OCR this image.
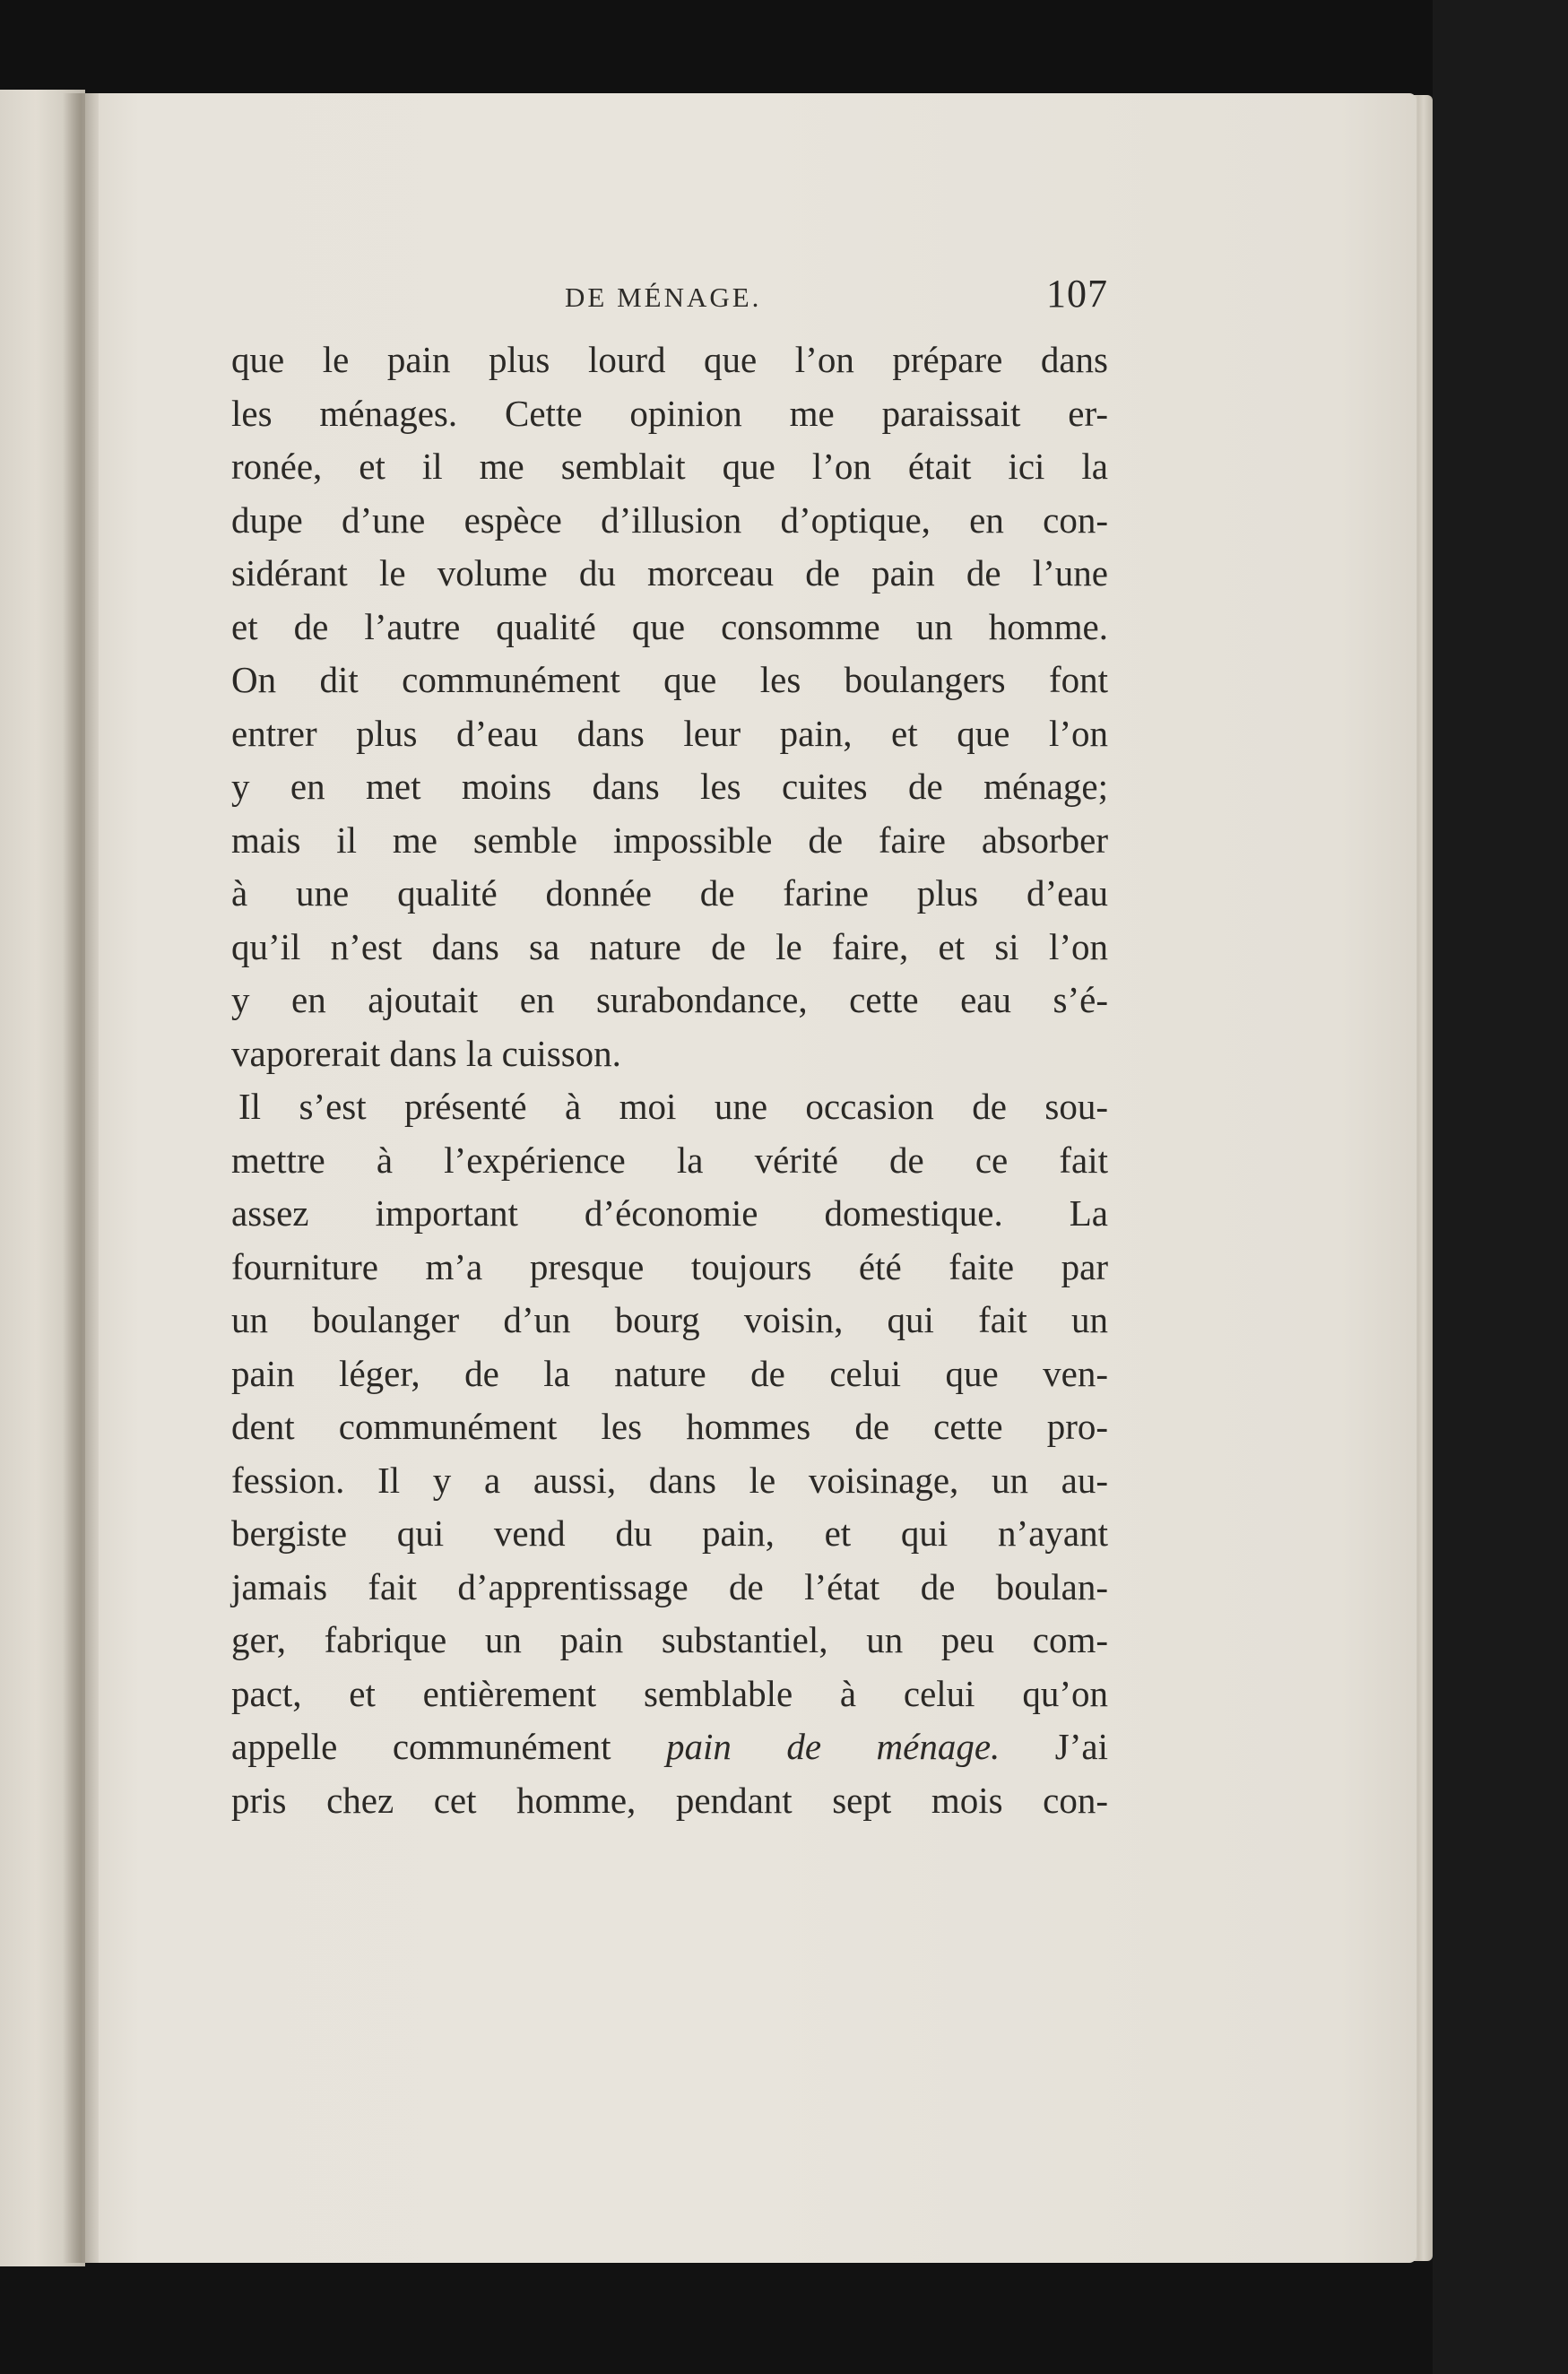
DE MÉNAGE.	107
que le pain plus lourd que l’on prépare dans
les ménages. Cette opinion me paraissait er-
ronée, et il me semblait que l’on était ici la
dupe d’une espèce d’illusion d’optique, en con-
sidérant le volume du morceau de pain de l’une
et de l’autre qualité que consomme un homme.
On dit communément que les boulangers font
entrer plus d’eau dans leur pain, et que l’on
y en met moins dans les cuites de ménage;
mais il me semble impossible de faire absorber
à une qualité donnée de farine plus d’eau
qu’il n’est dans sa nature de le faire, et si l’on
y en ajoutait en surabondance, cette eau s’é-
vaporerait dans la cuisson.
Il s’est présenté à moi une occasion de sou-
mettre à l’expérience la vérité de ce fait
assez important d’économie domestique. La
fourniture m’a presque toujours été faite par
un boulanger d’un bourg voisin, qui fait un
pain léger, de la nature de celui que ven-
dent communément les hommes de cette pro-
fession. Il y a aussi, dans le voisinage, un au-
bergiste qui vend du pain, et qui n’ayant
jamais fait d’apprentissage de l’état de boulan-
ger, fabrique un pain substantiel, un peu com-
pact, et entièrement semblable à celui qu’on
appelle communément pain de ménage. J’ai
pris chez cet homme, pendant sept mois con-
